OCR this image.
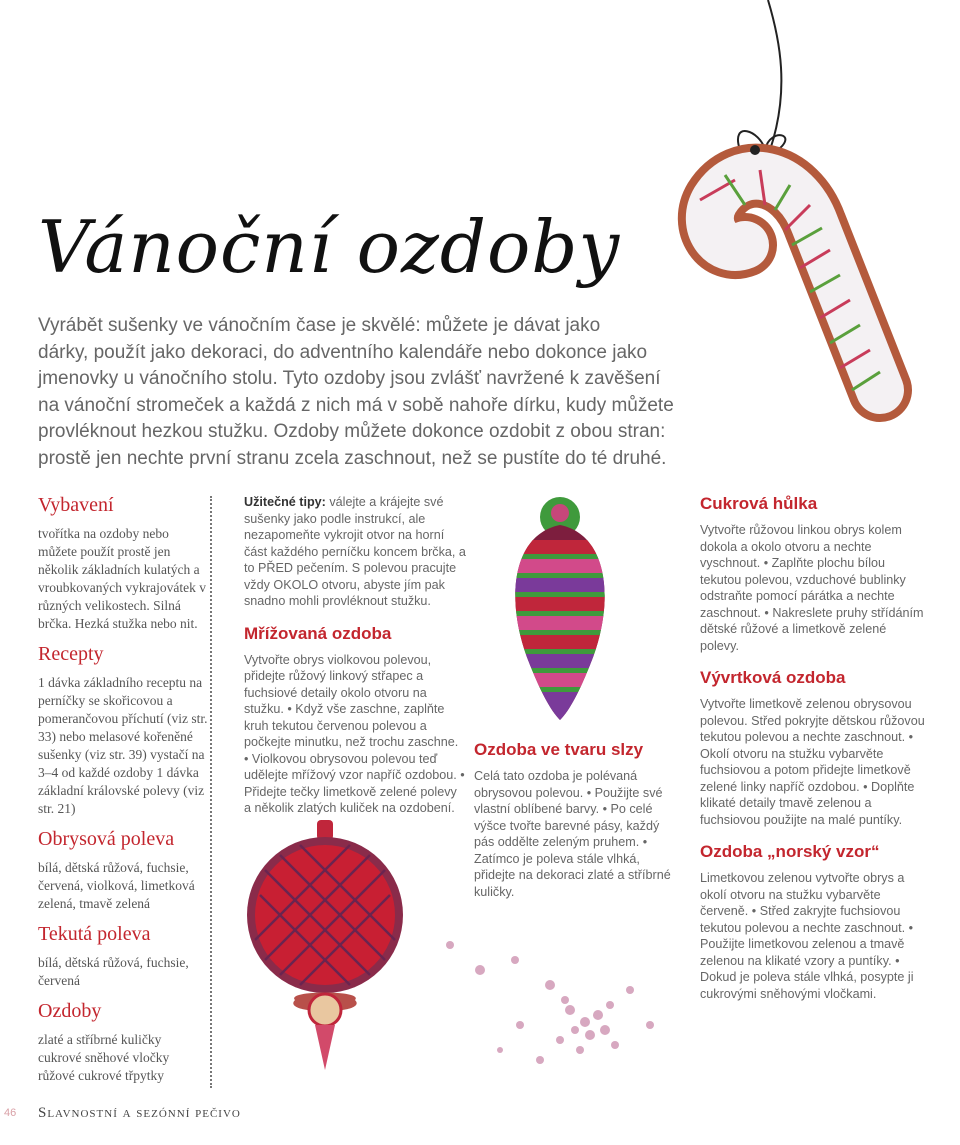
Vánoční ozdoby

Vyrábět sušenky ve vánočním čase je skvělé: můžete je dávat jako

dárky, použít jako dekoraci, do adventního kalendáře nebo dokonce jako

jmenovky u vánočního stolu. Tyto ozdoby jsou zvlášť navržené k zavěšení

na vánoční stromeček a každá z nich má v sobě nahoře dírku, kudy můžete

provléknout hezkou stužku. Ozdoby můžete dokonce ozdobit z obou stran:

prostě jen nechte první stranu zcela zaschnout, než se pustíte do té druhé.

Vybavení

tvořítka na ozdoby nebo můžete použít prostě jen několik základních kulatých a vroubkovaných vykrajovátek v různých velikostech. Silná brčka. Hezká stužka nebo nit.

Recepty

1 dávka základního receptu na perníčky se skořicovou a pomerančovou příchutí (viz str. 33) nebo melasové kořeněné sušenky (viz str. 39) vystačí na 3–4 od každé ozdoby 1 dávka základní královské polevy (viz str. 21)

Obrysová poleva

bílá, dětská růžová, fuchsie, červená, violková, limetková zelená, tmavě zelená

Tekutá poleva

bílá, dětská růžová, fuchsie, červená

Ozdoby

zlaté a stříbrné kuličky cukrové sněhové vločky růžové cukrové třpytky

Užitečné tipy: válejte a krájejte své sušenky jako podle instrukcí, ale nezapomeňte vykrojit otvor na horní část každého perníčku koncem brčka, a to PŘED pečením. S polevou pracujte vždy OKOLO otvoru, abyste jím pak snadno mohli provléknout stužku.

Mřížovaná ozdoba

Vytvořte obrys violkovou polevou, přidejte růžový linkový střapec a fuchsiové detaily okolo otvoru na stužku. • Když vše zaschne, zaplňte kruh tekutou červenou polevou a počkejte minutku, než trochu zaschne. • Violkovou obrysovou polevou teď udělejte mřížový vzor napříč ozdobou. • Přidejte tečky limetkově zelené polevy a několik zlatých kuliček na ozdobení.

Ozdoba ve tvaru slzy

Celá tato ozdoba je polévaná obrysovou polevou. • Použijte své vlastní oblíbené barvy. • Po celé výšce tvořte barevné pásy, každý pás oddělte zeleným pruhem. • Zatímco je poleva stále vlhká, přidejte na dekoraci zlaté a stříbrné kuličky.

Cukrová hůlka

Vytvořte růžovou linkou obrys kolem dokola a okolo otvoru a nechte vyschnout. • Zaplňte plochu bílou tekutou polevou, vzduchové bublinky odstraňte pomocí párátka a nechte zaschnout. • Nakreslete pruhy střídáním dětské růžové a limetkově zelené polevy.

Vývrtková ozdoba

Vytvořte limetkově zelenou obrysovou polevou. Střed pokryjte dětskou růžovou tekutou polevou a nechte zaschnout. • Okolí otvoru na stužku vybarvěte fuchsiovou a potom přidejte limetkově zelené linky napříč ozdobou. • Doplňte klikaté detaily tmavě zelenou a fuchsiovou použijte na malé puntíky.

Ozdoba „norský vzor“

Limetkovou zelenou vytvořte obrys a okolí otvoru na stužku vybarvěte červeně. • Střed zakryjte fuchsiovou tekutou polevou a nechte zaschnout. • Použijte limetkovou zelenou a tmavě zelenou na klikaté vzory a puntíky. • Dokud je poleva stále vlhká, posypte ji cukrovými sněhovými vločkami.

46 Slavnostní a sezónní pečivo
